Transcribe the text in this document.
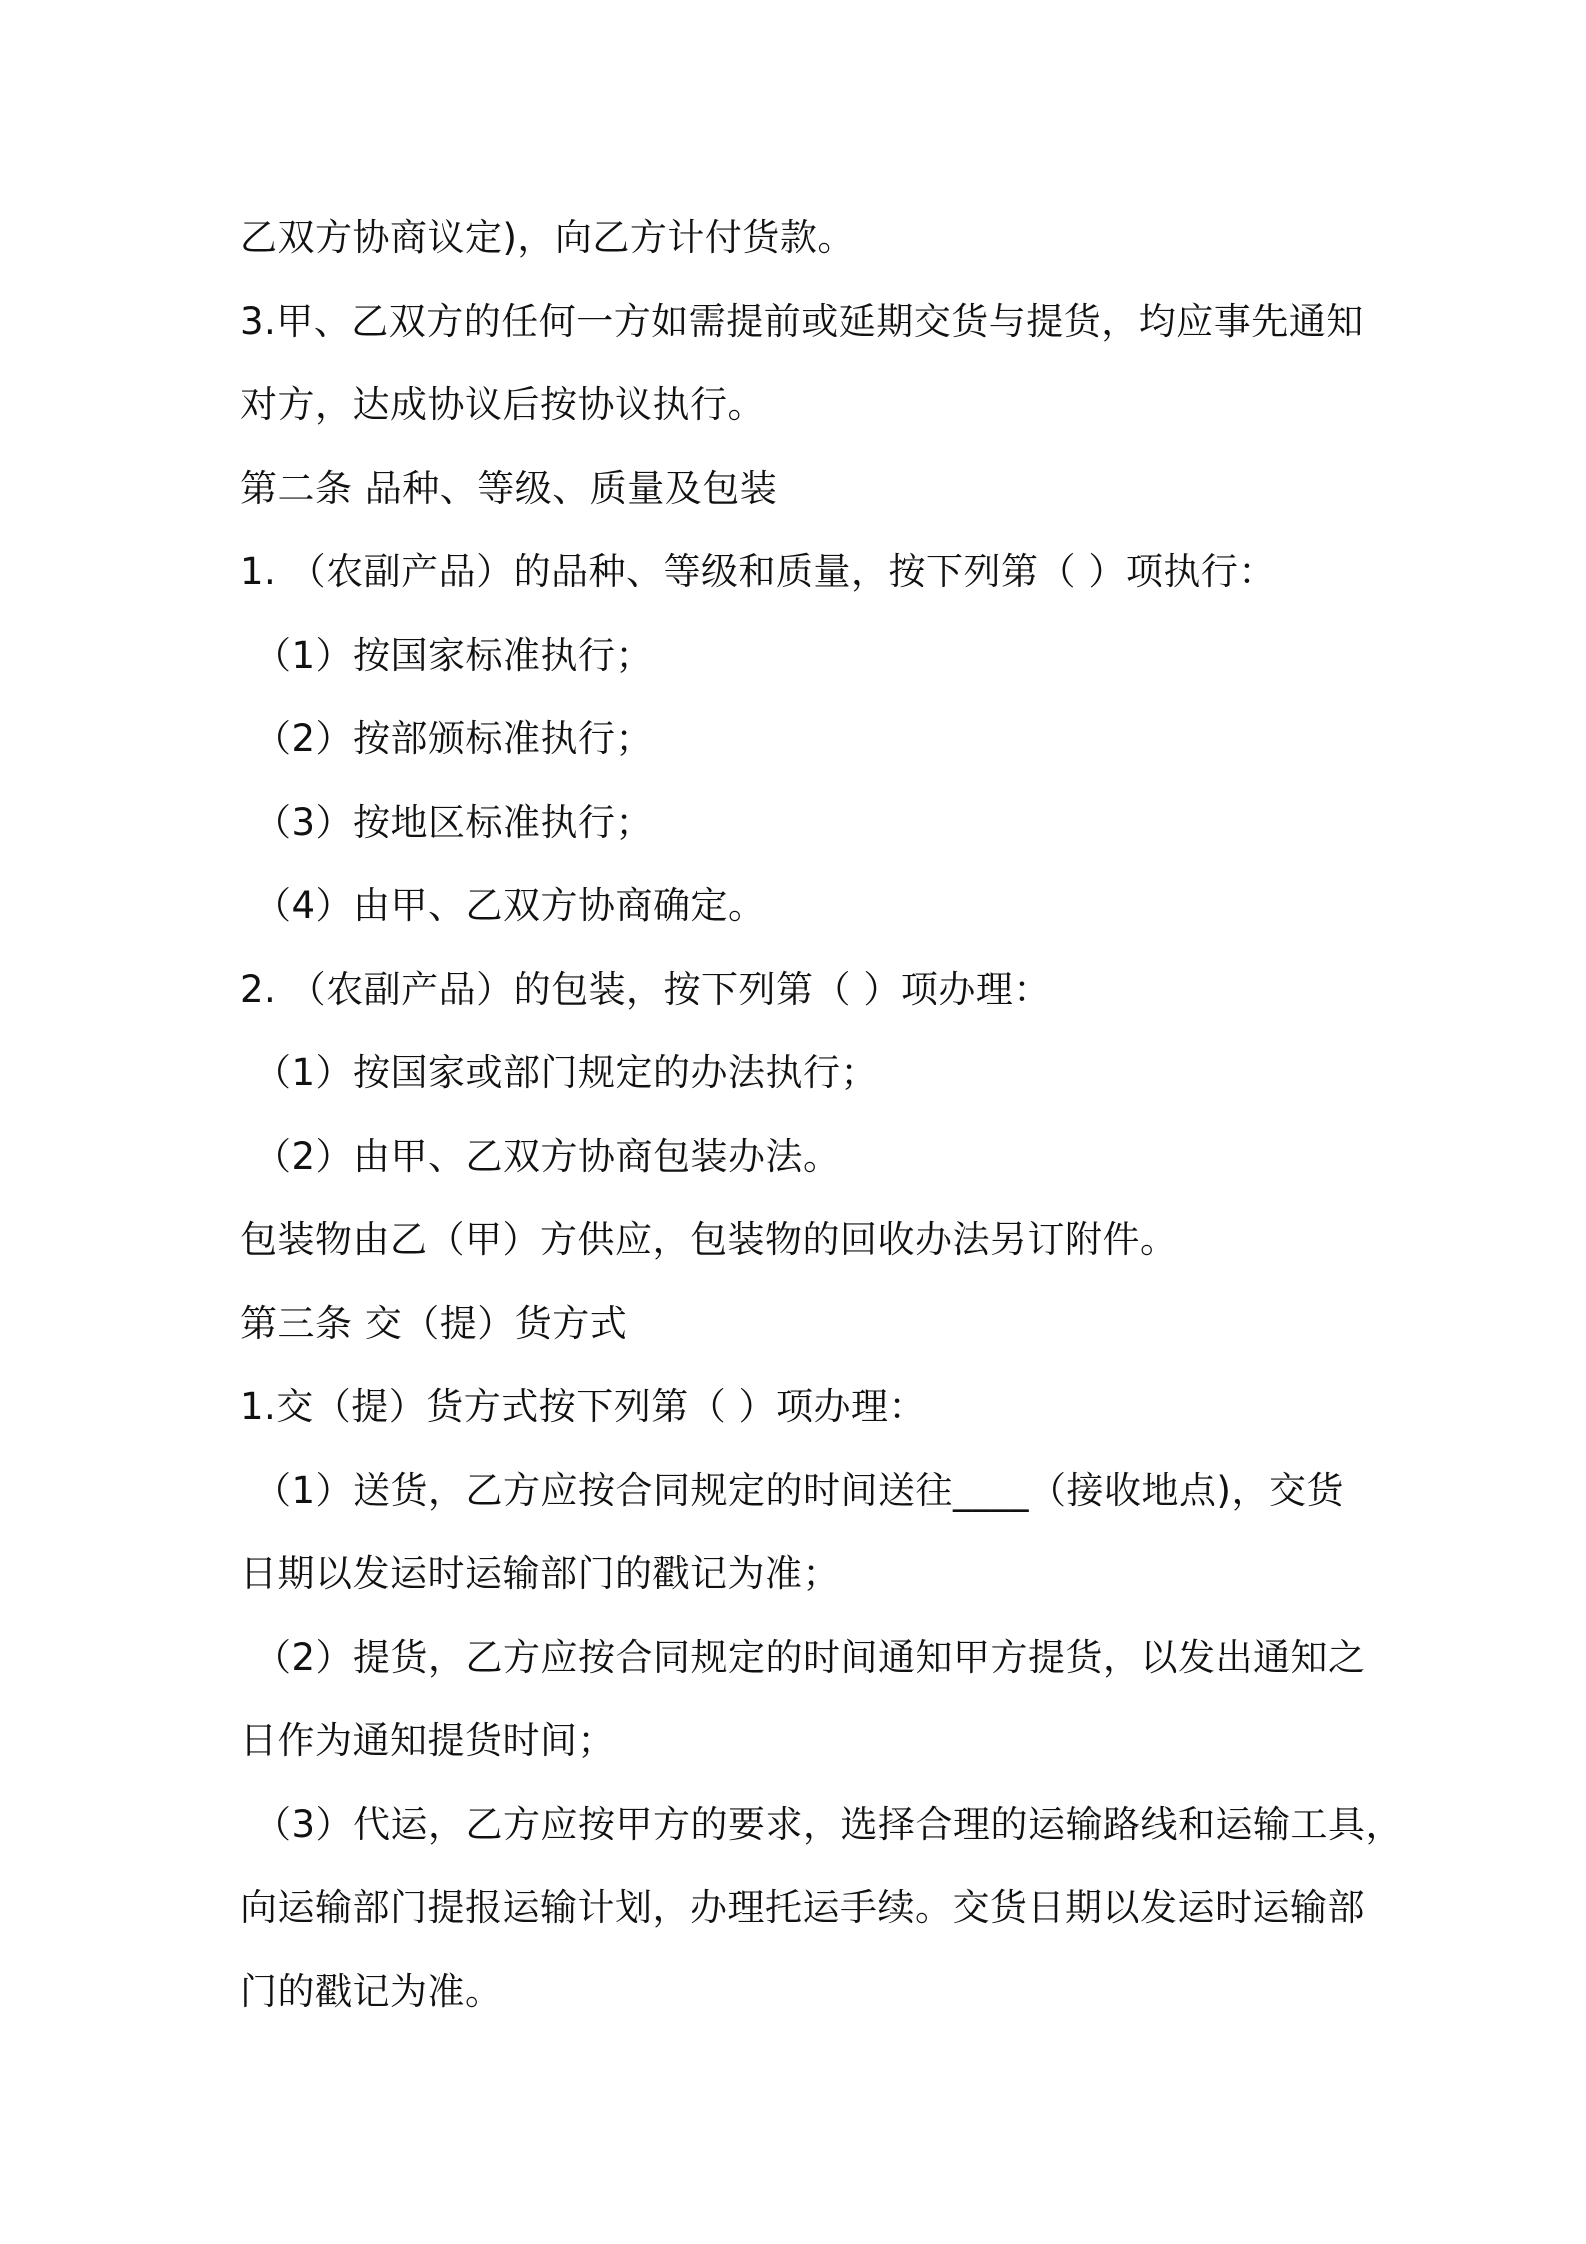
乙双方协商议定)，向乙方计付货款。
3.甲、乙双方的任何一方如需提前或延期交货与提货，均应事先通知
对方，达成协议后按协议执行。
第二条 品种、等级、质量及包装
1. （农副产品）的品种、等级和质量，按下列第（ ）项执行：
（1）按国家标准执行；
（2）按部颁标准执行；
（3）按地区标准执行；
（4）由甲、乙双方协商确定。
2. （农副产品）的包装，按下列第（ ）项办理：
（1）按国家或部门规定的办法执行；
（2）由甲、乙双方协商包装办法。
包装物由乙（甲）方供应，包装物的回收办法另订附件。
第三条 交（提）货方式
1.交（提）货方式按下列第（ ）项办理：
（1）送货，乙方应按合同规定的时间送往____（接收地点)，交货
日期以发运时运输部门的戳记为准；
（2）提货，乙方应按合同规定的时间通知甲方提货，以发出通知之
日作为通知提货时间；
（3）代运，乙方应按甲方的要求，选择合理的运输路线和运输工具，
向运输部门提报运输计划，办理托运手续。交货日期以发运时运输部
门的戳记为准。
